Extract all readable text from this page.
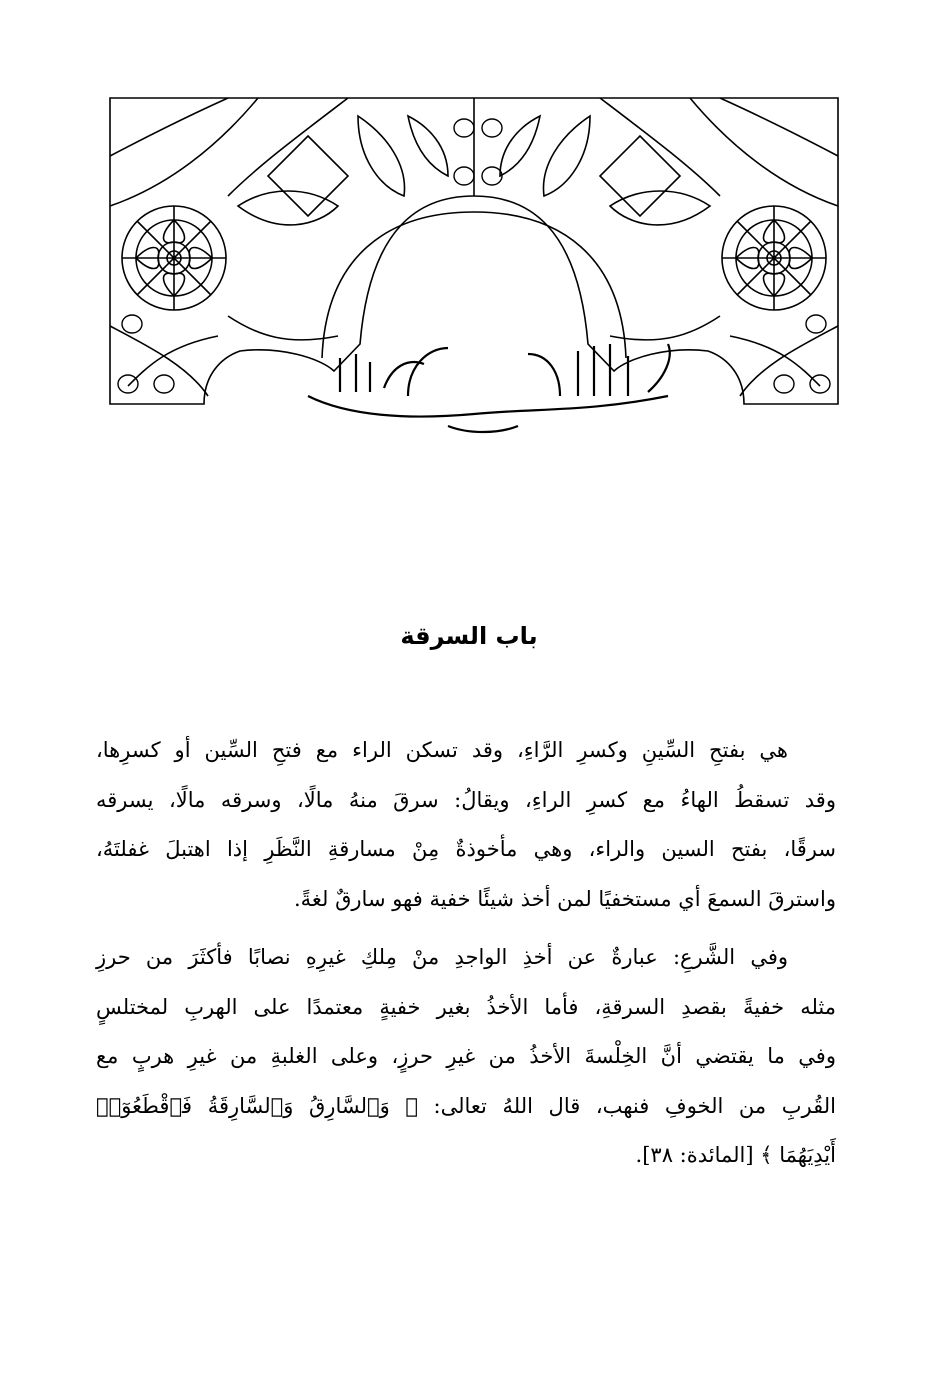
باب السرقة
هي بفتحِ السِّينِ وكسرِ الرَّاءِ، وقد تسكن الراء مع فتحِ السِّين أو كسرِها،
وقد تسقطُ الهاءُ مع كسرِ الراءِ، ويقالُ: سرقَ منهُ مالًا، وسرقه مالًا، يسرقه
سرقًا، بفتح السين والراء، وهي مأخوذةٌ مِنْ مسارقةِ النَّظَرِ إذا اهتبلَ غفلتَهُ،
واسترقَ السمعَ أي مستخفيًا لمن أخذ شيئًا خفية فهو سارقٌ لغةً.
وفي الشَّرعِ: عبارةٌ عن أخذِ الواجدِ منْ مِلكِ غيرِهِ نصابًا فأكثَرَ من حرزِ
مثله خفيةً بقصدِ السرقةِ، فأما الأخذُ بغير خفيةٍ معتمدًا على الهربِ لمختلسٍ
وفي ما يقتضي أنَّ الخِلْسةَ الأخذُ من غيرِ حرزٍ، وعلى الغلبةِ من غيرِ هربٍ مع
القُربِ من الخوفِ فنهب، قال اللهُ تعالى: ﴿ وَٱلسَّارِقُ وَٱلسَّارِقَةُ فَٱقْطَعُوٓا۟
أَيْدِيَهُمَا ﴾ [المائدة: ٣٨].
